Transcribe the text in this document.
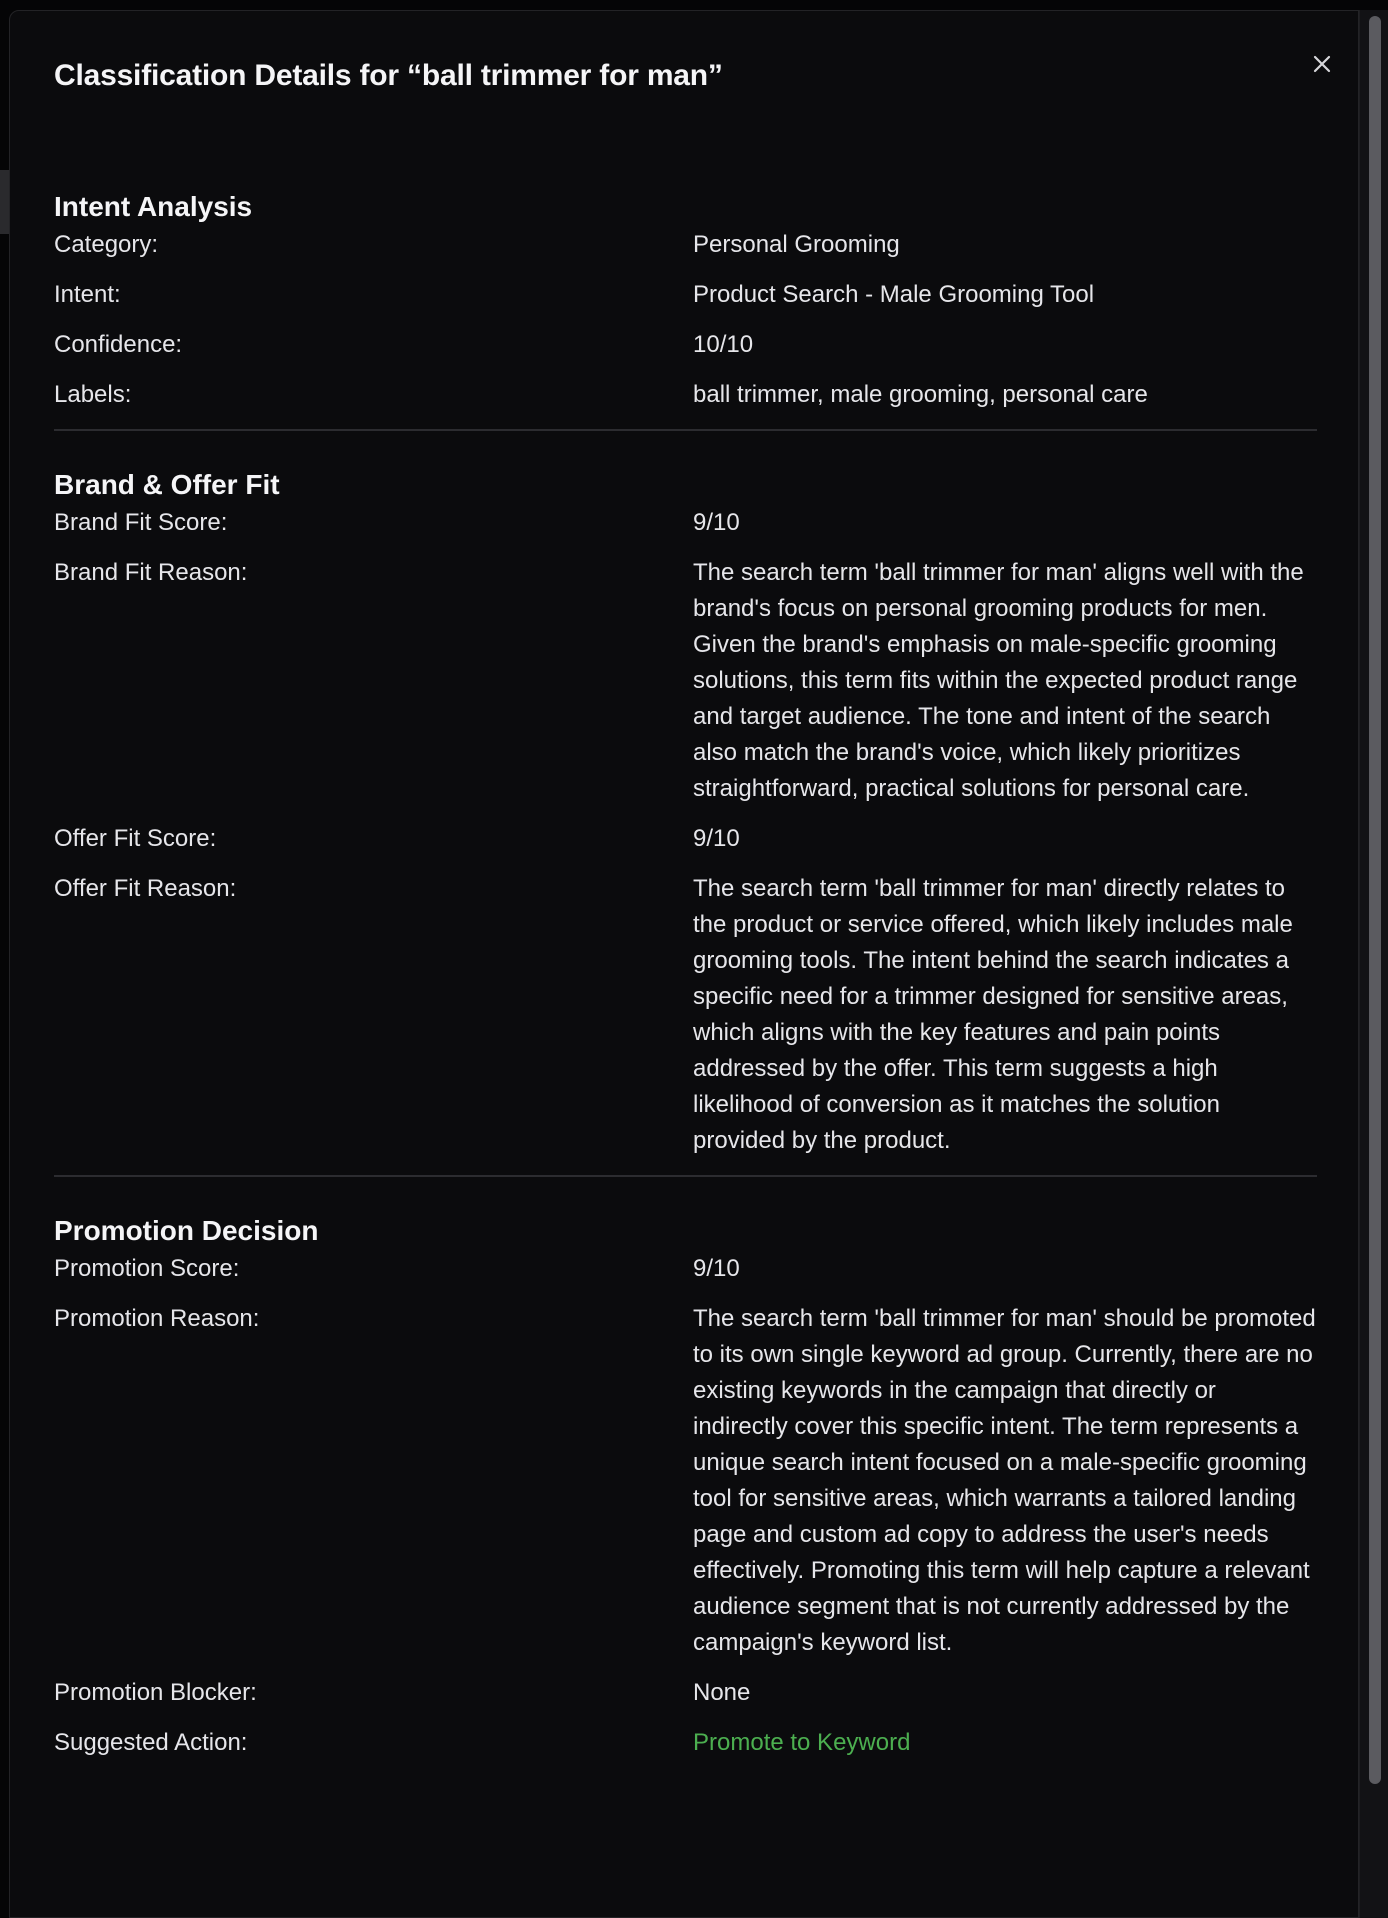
Classification Details for “ball trimmer for man”
Intent Analysis
Category:	Personal Grooming
Intent:	Product Search - Male Grooming Tool
Confidence:	10/10
Labels:	ball trimmer, male grooming, personal care
Brand & Offer Fit
Brand Fit Score:	9/10
Brand Fit Reason:	The search term 'ball trimmer for man' aligns well with the brand's focus on personal grooming products for men. Given the brand's emphasis on male-specific grooming solutions, this term fits within the expected product range and target audience. The tone and intent of the search also match the brand's voice, which likely prioritizes straightforward, practical solutions for personal care.
Offer Fit Score:	9/10
Offer Fit Reason:	The search term 'ball trimmer for man' directly relates to the product or service offered, which likely includes male grooming tools. The intent behind the search indicates a specific need for a trimmer designed for sensitive areas, which aligns with the key features and pain points addressed by the offer. This term suggests a high likelihood of conversion as it matches the solution provided by the product.
Promotion Decision
Promotion Score:	9/10
Promotion Reason:	The search term 'ball trimmer for man' should be promoted to its own single keyword ad group. Currently, there are no existing keywords in the campaign that directly or indirectly cover this specific intent. The term represents a unique search intent focused on a male-specific grooming tool for sensitive areas, which warrants a tailored landing page and custom ad copy to address the user's needs effectively. Promoting this term will help capture a relevant audience segment that is not currently addressed by the campaign's keyword list.
Promotion Blocker:	None
Suggested Action:	Promote to Keyword
